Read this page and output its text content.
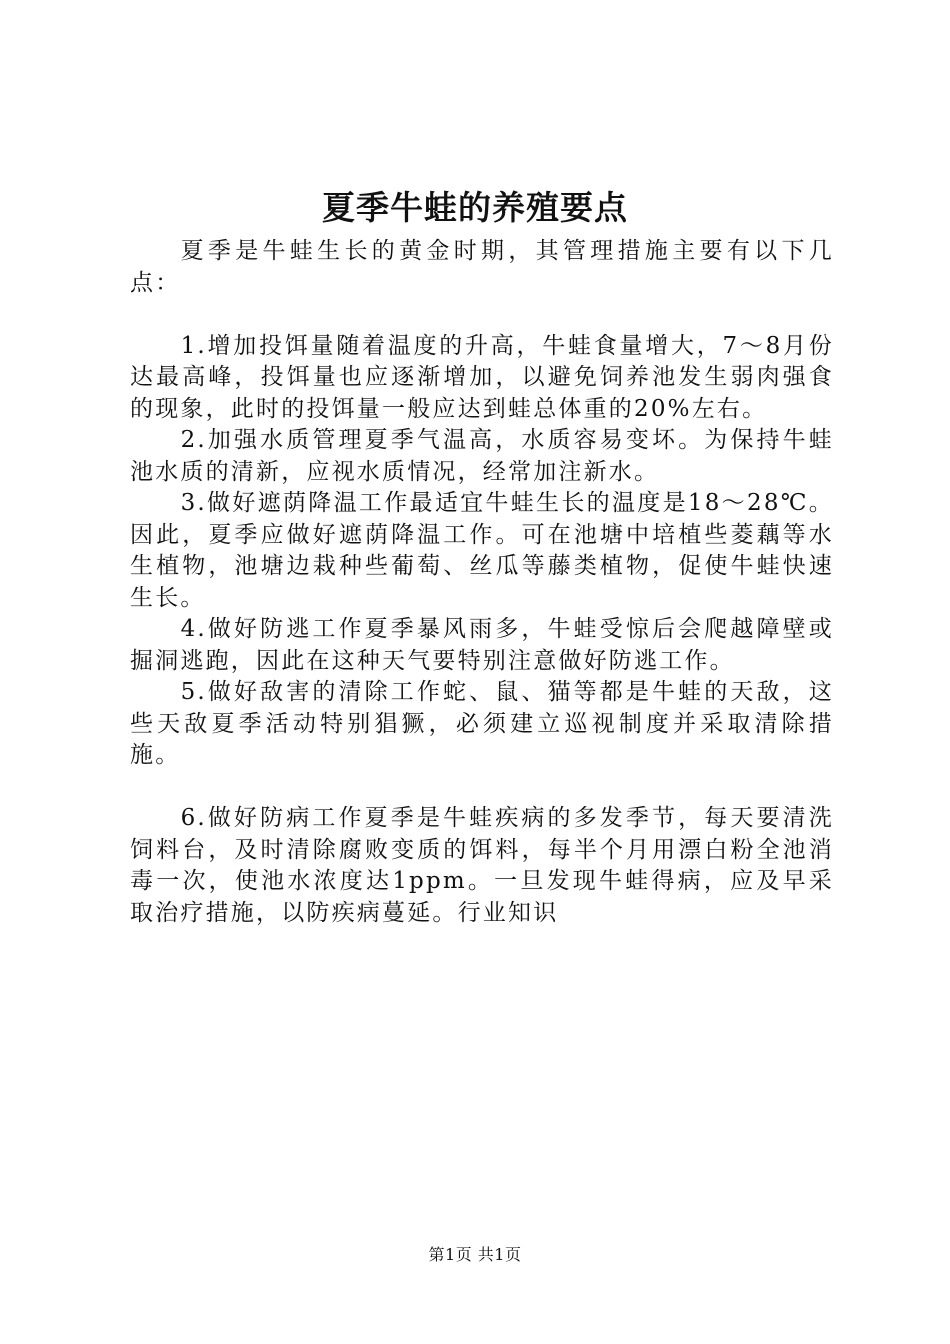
夏季牛蛙的养殖要点

夏季是牛蛙生长的黄金时期，其管理措施主要有以下几点：

1.增加投饵量随着温度的升高，牛蛙食量增大，7～8月份达最高峰，投饵量也应逐渐增加，以避免饲养池发生弱肉强食的现象，此时的投饵量一般应达到蛙总体重的20%左右。

2.加强水质管理夏季气温高，水质容易变坏。为保持牛蛙池水质的清新，应视水质情况，经常加注新水。

3.做好遮荫降温工作最适宜牛蛙生长的温度是18～28℃。因此，夏季应做好遮荫降温工作。可在池塘中培植些菱藕等水生植物，池塘边栽种些葡萄、丝瓜等藤类植物，促使牛蛙快速生长。

4.做好防逃工作夏季暴风雨多，牛蛙受惊后会爬越障壁或掘洞逃跑，因此在这种天气要特别注意做好防逃工作。

5.做好敌害的清除工作蛇、鼠、猫等都是牛蛙的天敌，这些天敌夏季活动特别猖獗，必须建立巡视制度并采取清除措施。

6.做好防病工作夏季是牛蛙疾病的多发季节，每天要清洗饲料台，及时清除腐败变质的饵料，每半个月用漂白粉全池消毒一次，使池水浓度达1ppm。一旦发现牛蛙得病，应及早采取治疗措施，以防疾病蔓延。行业知识

第1页 共1页
